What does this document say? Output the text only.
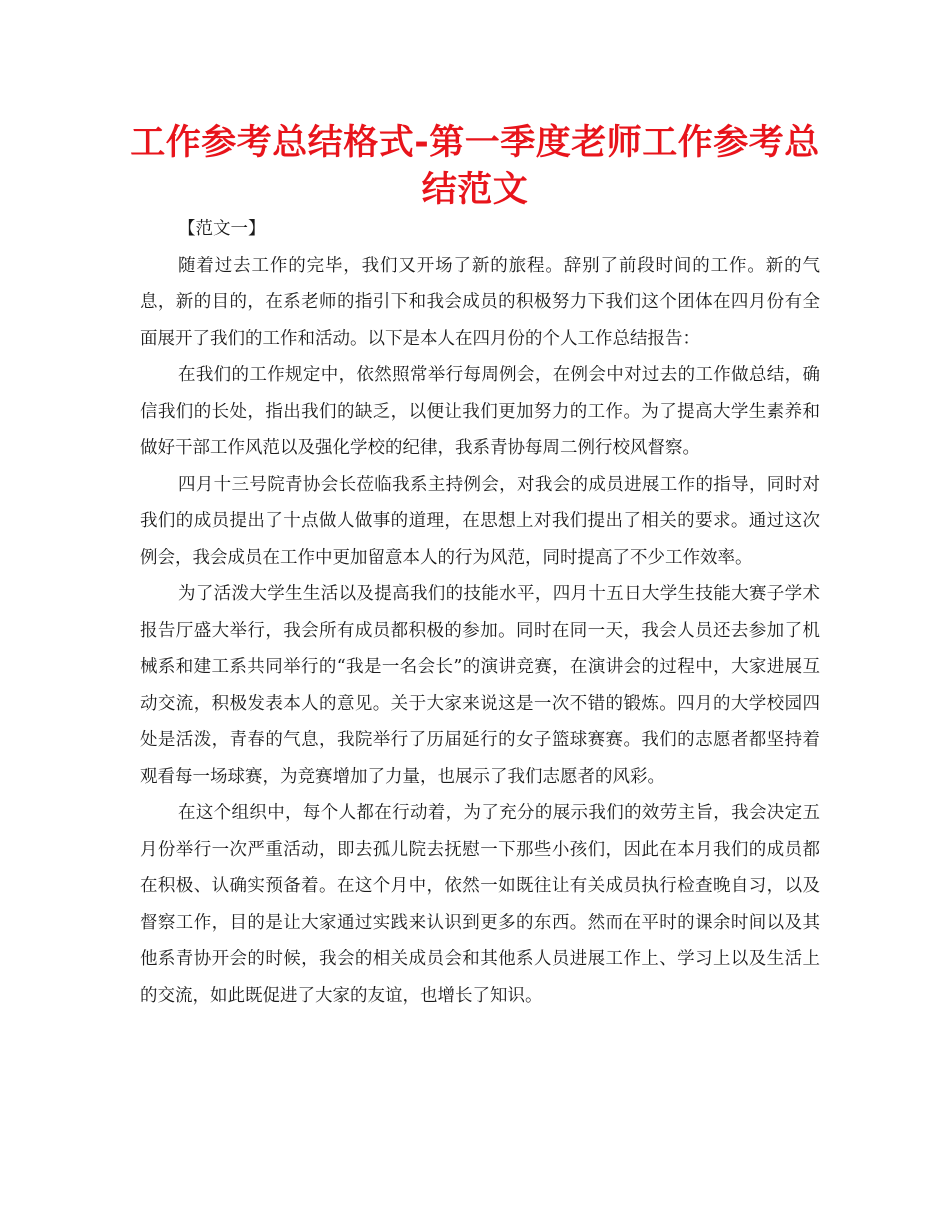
工作参考总结格式-第一季度老师工作参考总结范文

【范文一】

随着过去工作的完毕，我们又开场了新的旅程。辞别了前段时间的工作。新的气息，新的目的，在系老师的指引下和我会成员的积极努力下我们这个团体在四月份有全面展开了我们的工作和活动。以下是本人在四月份的个人工作总结报告：

在我们的工作规定中，依然照常举行每周例会，在例会中对过去的工作做总结，确信我们的长处，指出我们的缺乏，以便让我们更加努力的工作。为了提高大学生素养和做好干部工作风范以及强化学校的纪律，我系青协每周二例行校风督察。

四月十三号院青协会长莅临我系主持例会，对我会的成员进展工作的指导，同时对我们的成员提出了十点做人做事的道理，在思想上对我们提出了相关的要求。通过这次例会，我会成员在工作中更加留意本人的行为风范，同时提高了不少工作效率。

为了活泼大学生生活以及提高我们的技能水平，四月十五日大学生技能大赛子学术报告厅盛大举行，我会所有成员都积极的参加。同时在同一天，我会人员还去参加了机械系和建工系共同举行的“我是一名会长”的演讲竞赛，在演讲会的过程中，大家进展互动交流，积极发表本人的意见。关于大家来说这是一次不错的锻炼。四月的大学校园四处是活泼，青春的气息，我院举行了历届延行的女子篮球赛赛。我们的志愿者都坚持着观看每一场球赛，为竞赛增加了力量，也展示了我们志愿者的风彩。

在这个组织中，每个人都在行动着，为了充分的展示我们的效劳主旨，我会决定五月份举行一次严重活动，即去孤儿院去抚慰一下那些小孩们，因此在本月我们的成员都在积极、认确实预备着。在这个月中，依然一如既往让有关成员执行检查晚自习，以及督察工作，目的是让大家通过实践来认识到更多的东西。然而在平时的课余时间以及其他系青协开会的时候，我会的相关成员会和其他系人员进展工作上、学习上以及生活上的交流，如此既促进了大家的友谊，也增长了知识。
